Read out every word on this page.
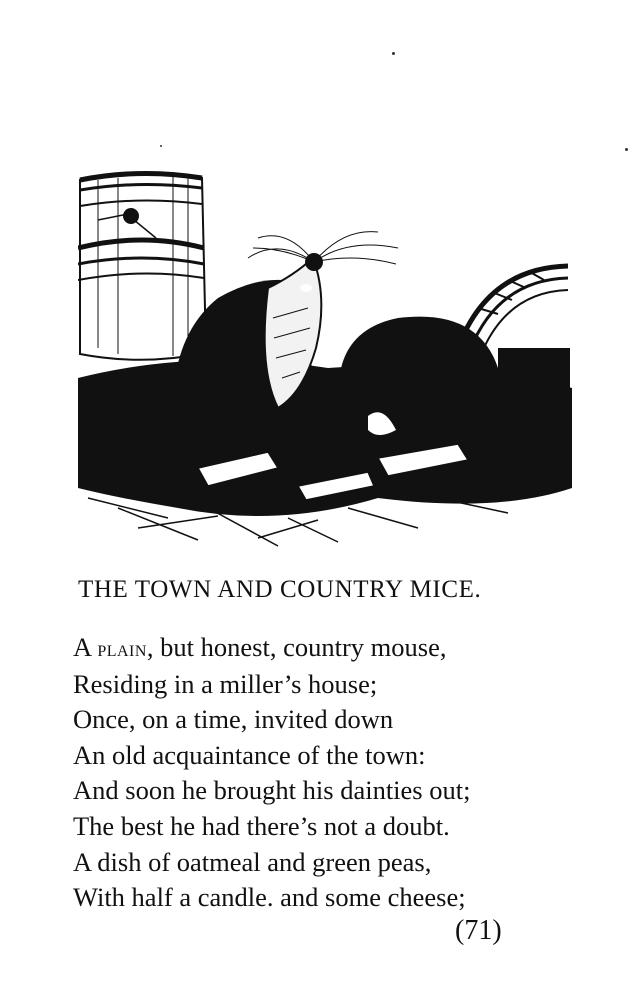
THE TOWN AND COUNTRY MICE.
A plain, but honest, country mouse,
Residing in a miller’s house;
Once, on a time, invited down
An old acquaintance of the town:
And soon he brought his dainties out;
The best he had there’s not a doubt.
A dish of oatmeal and green peas,
With half a candle. and some cheese;
(71)
